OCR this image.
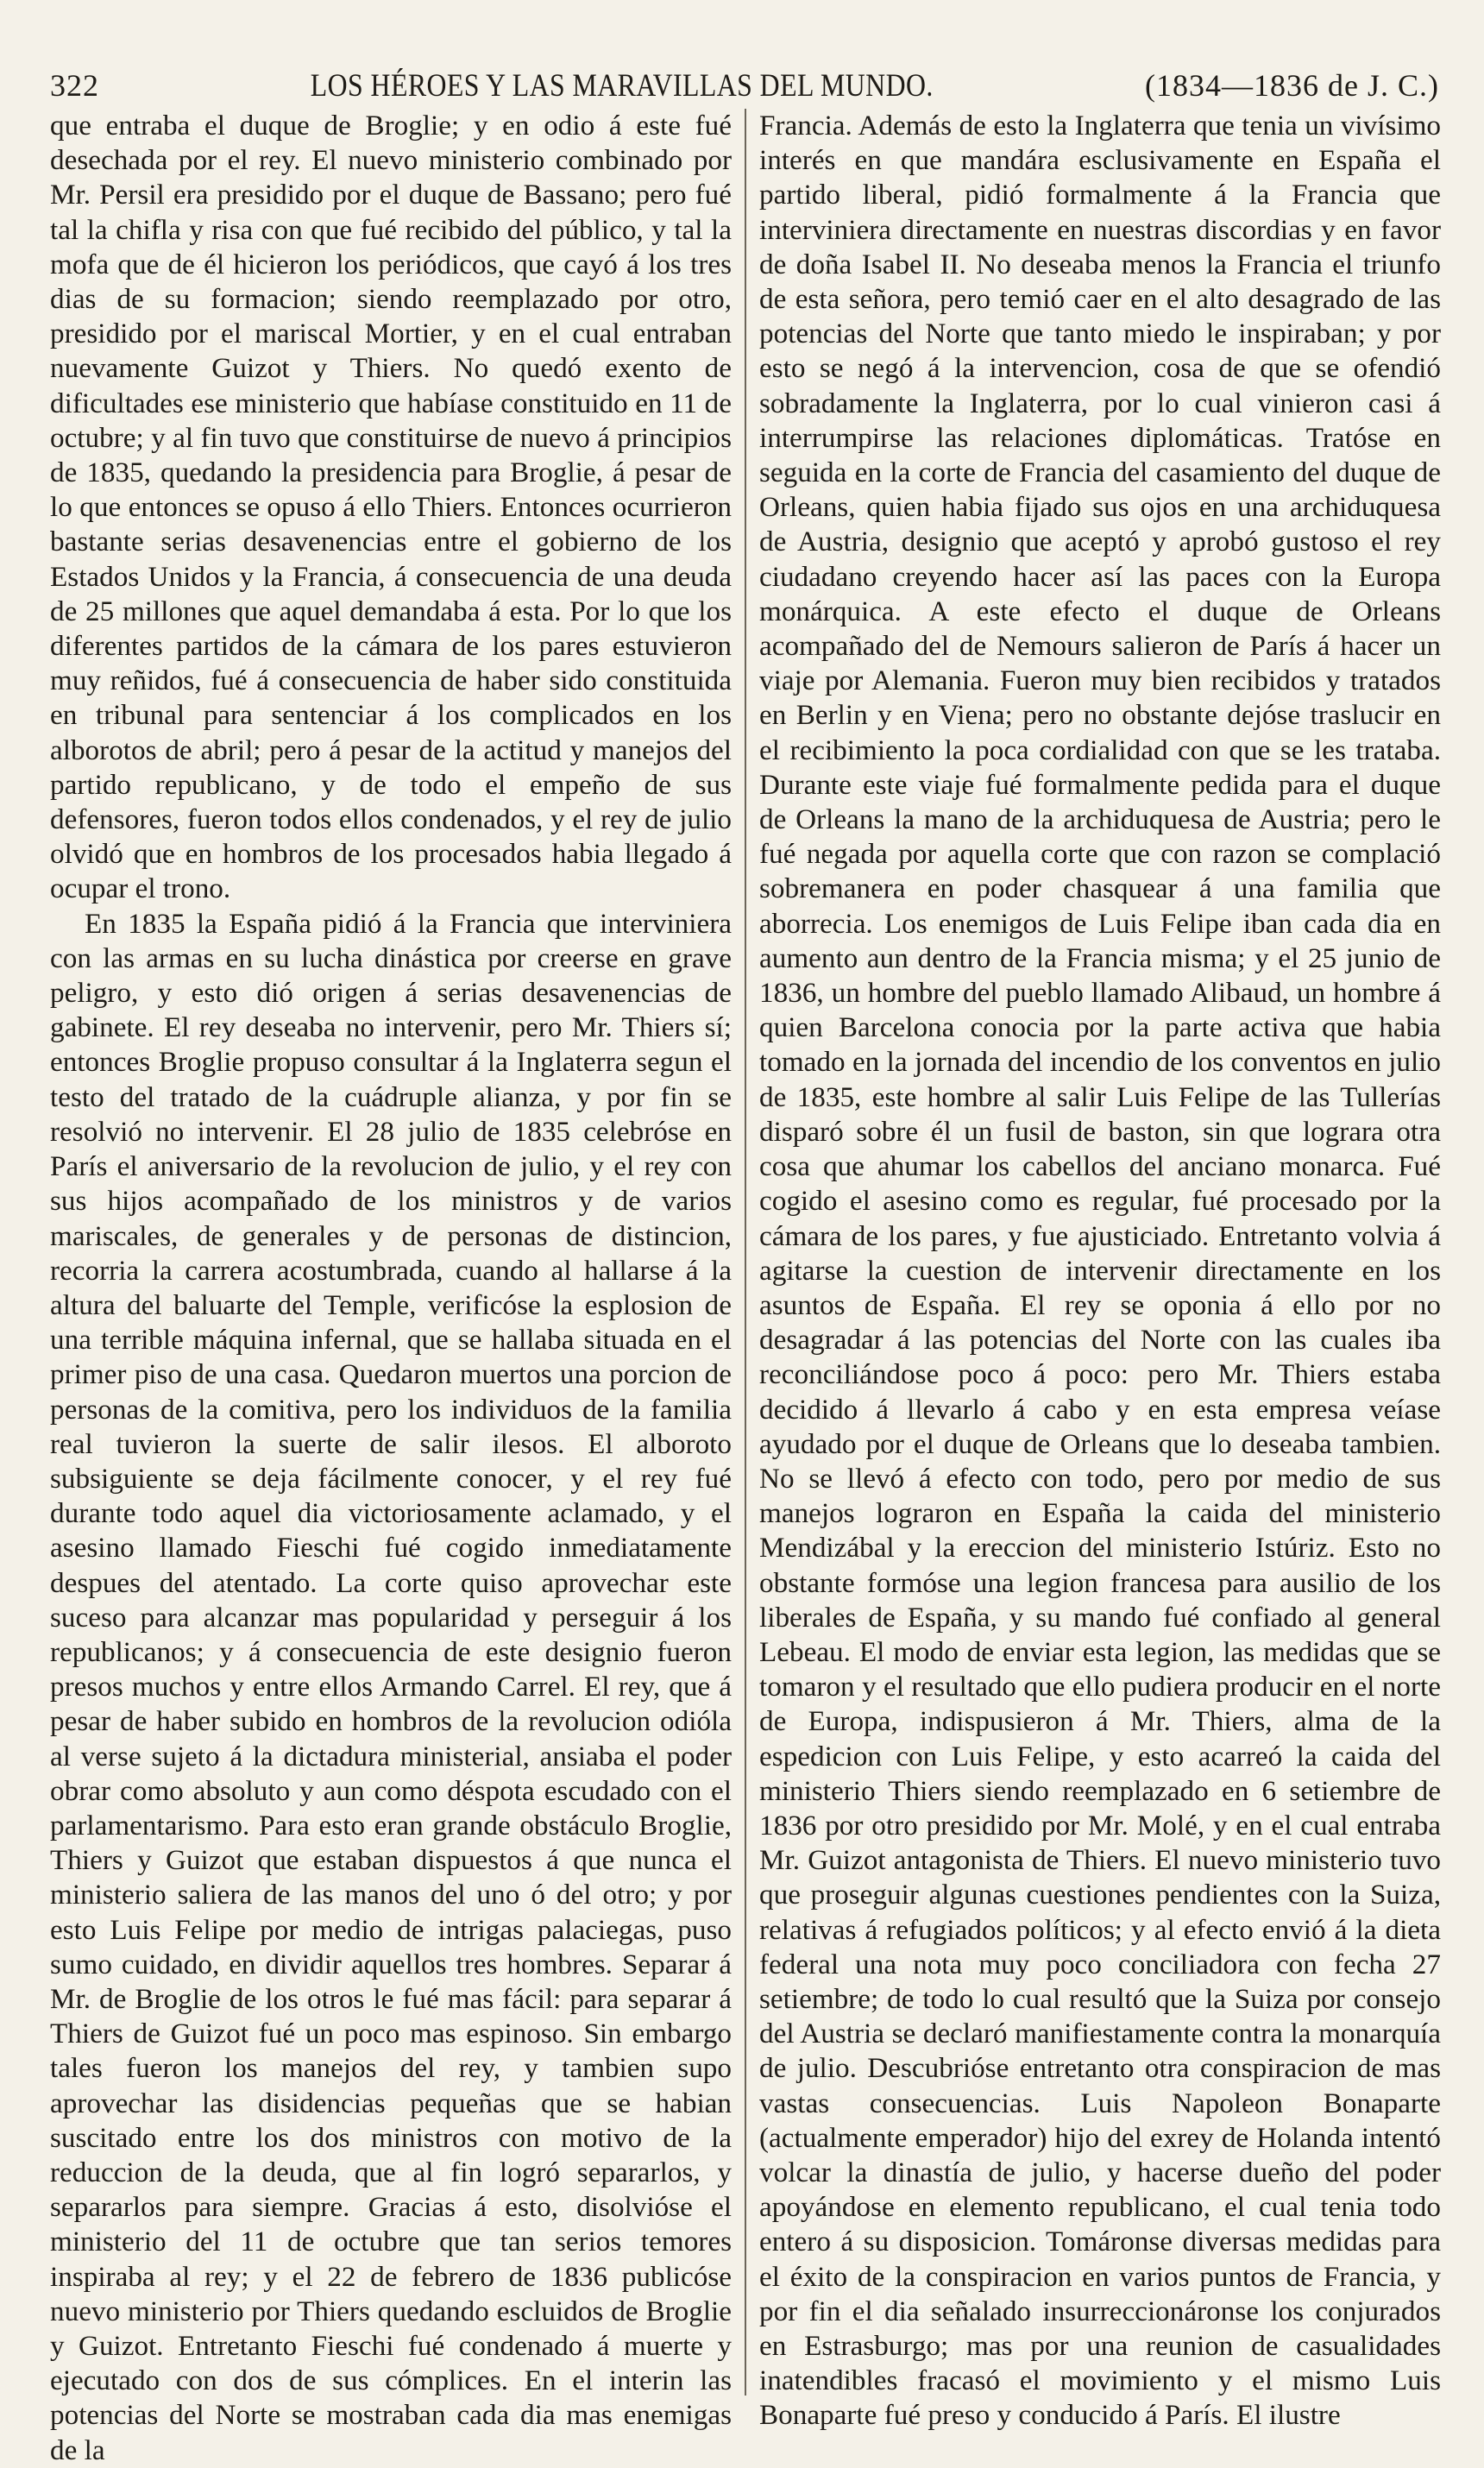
322	LOS HÉROES Y LAS MARAVILLAS DEL MUNDO.	(1834—1836 de J. C.)

que entraba el duque de Broglie; y en odio á este fué desechada por el rey. El nuevo ministerio combinado por Mr. Persil era presidido por el duque de Bassano; pero fué tal la chifla y risa con que fué recibido del público, y tal la mofa que de él hicieron los periódicos, que cayó á los tres dias de su formacion; siendo reemplazado por otro, presidido por el mariscal Mortier, y en el cual entraban nuevamente Guizot y Thiers. No quedó exento de dificultades ese ministerio que habíase constituido en 11 de octubre; y al fin tuvo que constituirse de nuevo á principios de 1835, quedando la presidencia para Broglie, á pesar de lo que entonces se opuso á ello Thiers. Entonces ocurrieron bastante serias desavenencias entre el gobierno de los Estados Unidos y la Francia, á consecuencia de una deuda de 25 millones que aquel demandaba á esta. Por lo que los diferentes partidos de la cámara de los pares estuvieron muy reñidos, fué á consecuencia de haber sido constituida en tribunal para sentenciar á los complicados en los alborotos de abril; pero á pesar de la actitud y manejos del partido republicano, y de todo el empeño de sus defensores, fueron todos ellos condenados, y el rey de julio olvidó que en hombros de los procesados habia llegado á ocupar el trono.

En 1835 la España pidió á la Francia que interviniera con las armas en su lucha dinástica por creerse en grave peligro, y esto dió origen á serias desavenencias de gabinete. El rey deseaba no intervenir, pero Mr. Thiers sí; entonces Broglie propuso consultar á la Inglaterra segun el testo del tratado de la cuádruple alianza, y por fin se resolvió no intervenir. El 28 julio de 1835 celebróse en París el aniversario de la revolucion de julio, y el rey con sus hijos acompañado de los ministros y de varios mariscales, de generales y de personas de distincion, recorria la carrera acostumbrada, cuando al hallarse á la altura del baluarte del Temple, verificóse la esplosion de una terrible máquina infernal, que se hallaba situada en el primer piso de una casa. Quedaron muertos una porcion de personas de la comitiva, pero los individuos de la familia real tuvieron la suerte de salir ilesos. El alboroto subsiguiente se deja fácilmente conocer, y el rey fué durante todo aquel dia victoriosamente aclamado, y el asesino llamado Fieschi fué cogido inmediatamente despues del atentado. La corte quiso aprovechar este suceso para alcanzar mas popularidad y perseguir á los republicanos; y á consecuencia de este designio fueron presos muchos y entre ellos Armando Carrel. El rey, que á pesar de haber subido en hombros de la revolucion odióla al verse sujeto á la dictadura ministerial, ansiaba el poder obrar como absoluto y aun como déspota escudado con el parlamentarismo. Para esto eran grande obstáculo Broglie, Thiers y Guizot que estaban dispuestos á que nunca el ministerio saliera de las manos del uno ó del otro; y por esto Luis Felipe por medio de intrigas palaciegas, puso sumo cuidado, en dividir aquellos tres hombres. Separar á Mr. de Broglie de los otros le fué mas fácil: para separar á Thiers de Guizot fué un poco mas espinoso. Sin embargo tales fueron los manejos del rey, y tambien supo aprovechar las disidencias pequeñas que se habian suscitado entre los dos ministros con motivo de la reduccion de la deuda, que al fin logró separarlos, y separarlos para siempre. Gracias á esto, disolvióse el ministerio del 11 de octubre que tan serios temores inspiraba al rey; y el 22 de febrero de 1836 publicóse nuevo ministerio por Thiers quedando escluidos de Broglie y Guizot. Entretanto Fieschi fué condenado á muerte y ejecutado con dos de sus cómplices. En el interin las potencias del Norte se mostraban cada dia mas enemigas de la

Francia. Además de esto la Inglaterra que tenia un vivísimo interés en que mandára esclusivamente en España el partido liberal, pidió formalmente á la Francia que interviniera directamente en nuestras discordias y en favor de doña Isabel II. No deseaba menos la Francia el triunfo de esta señora, pero temió caer en el alto desagrado de las potencias del Norte que tanto miedo le inspiraban; y por esto se negó á la intervencion, cosa de que se ofendió sobradamente la Inglaterra, por lo cual vinieron casi á interrumpirse las relaciones diplomáticas. Tratóse en seguida en la corte de Francia del casamiento del duque de Orleans, quien habia fijado sus ojos en una archiduquesa de Austria, designio que aceptó y aprobó gustoso el rey ciudadano creyendo hacer así las paces con la Europa monárquica. A este efecto el duque de Orleans acompañado del de Nemours salieron de París á hacer un viaje por Alemania. Fueron muy bien recibidos y tratados en Berlin y en Viena; pero no obstante dejóse traslucir en el recibimiento la poca cordialidad con que se les trataba. Durante este viaje fué formalmente pedida para el duque de Orleans la mano de la archiduquesa de Austria; pero le fué negada por aquella corte que con razon se complació sobremanera en poder chasquear á una familia que aborrecia. Los enemigos de Luis Felipe iban cada dia en aumento aun dentro de la Francia misma; y el 25 junio de 1836, un hombre del pueblo llamado Alibaud, un hombre á quien Barcelona conocia por la parte activa que habia tomado en la jornada del incendio de los conventos en julio de 1835, este hombre al salir Luis Felipe de las Tullerías disparó sobre él un fusil de baston, sin que lograra otra cosa que ahumar los cabellos del anciano monarca. Fué cogido el asesino como es regular, fué procesado por la cámara de los pares, y fue ajusticiado. Entretanto volvia á agitarse la cuestion de intervenir directamente en los asuntos de España. El rey se oponia á ello por no desagradar á las potencias del Norte con las cuales iba reconciliándose poco á poco: pero Mr. Thiers estaba decidido á llevarlo á cabo y en esta empresa veíase ayudado por el duque de Orleans que lo deseaba tambien. No se llevó á efecto con todo, pero por medio de sus manejos lograron en España la caida del ministerio Mendizábal y la ereccion del ministerio Istúriz. Esto no obstante formóse una legion francesa para ausilio de los liberales de España, y su mando fué confiado al general Lebeau. El modo de enviar esta legion, las medidas que se tomaron y el resultado que ello pudiera producir en el norte de Europa, indispusieron á Mr. Thiers, alma de la espedicion con Luis Felipe, y esto acarreó la caida del ministerio Thiers siendo reemplazado en 6 setiembre de 1836 por otro presidido por Mr. Molé, y en el cual entraba Mr. Guizot antagonista de Thiers. El nuevo ministerio tuvo que proseguir algunas cuestiones pendientes con la Suiza, relativas á refugiados políticos; y al efecto envió á la dieta federal una nota muy poco conciliadora con fecha 27 setiembre; de todo lo cual resultó que la Suiza por consejo del Austria se declaró manifiestamente contra la monarquía de julio. Descubrióse entretanto otra conspiracion de mas vastas consecuencias. Luis Napoleon Bonaparte (actualmente emperador) hijo del exrey de Holanda intentó volcar la dinastía de julio, y hacerse dueño del poder apoyándose en elemento republicano, el cual tenia todo entero á su disposicion. Tomáronse diversas medidas para el éxito de la conspiracion en varios puntos de Francia, y por fin el dia señalado insurreccionáronse los conjurados en Estrasburgo; mas por una reunion de casualidades inatendibles fracasó el movimiento y el mismo Luis Bonaparte fué preso y conducido á París. El ilustre
